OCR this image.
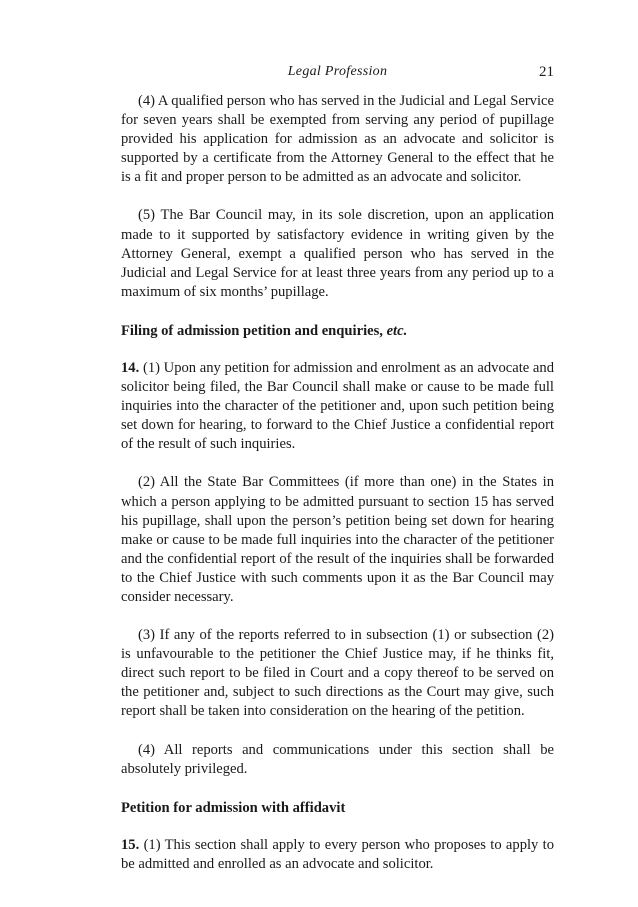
Legal Profession	21

(4) A qualified person who has served in the Judicial and Legal Service for seven years shall be exempted from serving any period of pupillage provided his application for admission as an advocate and solicitor is supported by a certificate from the Attorney General to the effect that he is a fit and proper person to be admitted as an advocate and solicitor.

(5) The Bar Council may, in its sole discretion, upon an application made to it supported by satisfactory evidence in writing given by the Attorney General, exempt a qualified person who has served in the Judicial and Legal Service for at least three years from any period up to a maximum of six months’ pupillage.

Filing of admission petition and enquiries, etc.

14. (1) Upon any petition for admission and enrolment as an advocate and solicitor being filed, the Bar Council shall make or cause to be made full inquiries into the character of the petitioner and, upon such petition being set down for hearing, to forward to the Chief Justice a confidential report of the result of such inquiries.

(2) All the State Bar Committees (if more than one) in the States in which a person applying to be admitted pursuant to section 15 has served his pupillage, shall upon the person’s petition being set down for hearing make or cause to be made full inquiries into the character of the petitioner and the confidential report of the result of the inquiries shall be forwarded to the Chief Justice with such comments upon it as the Bar Council may consider necessary.

(3) If any of the reports referred to in subsection (1) or subsection (2) is unfavourable to the petitioner the Chief Justice may, if he thinks fit, direct such report to be filed in Court and a copy thereof to be served on the petitioner and, subject to such directions as the Court may give, such report shall be taken into consideration on the hearing of the petition.

(4) All reports and communications under this section shall be absolutely privileged.

Petition for admission with affidavit

15. (1) This section shall apply to every person who proposes to apply to be admitted and enrolled as an advocate and solicitor.
